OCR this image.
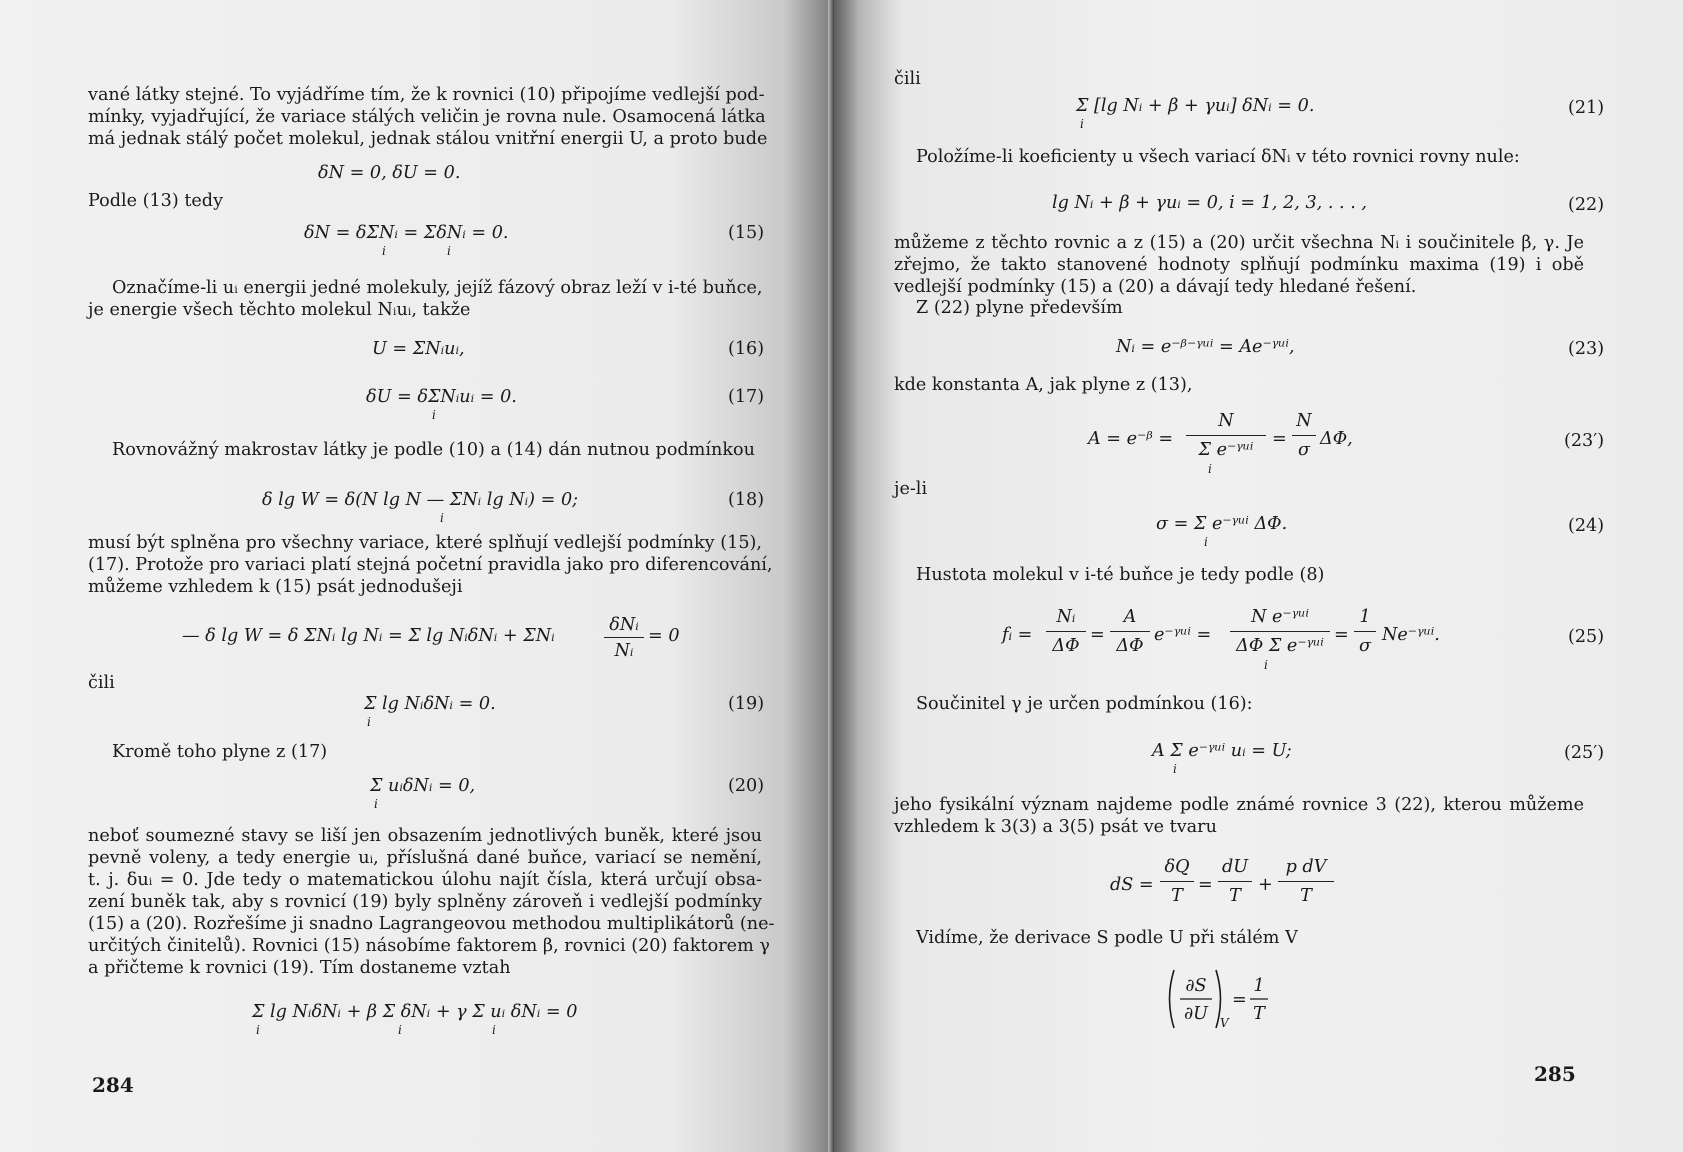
vané látky stejné. To vyjádříme tím, že k rovnici (10) připojíme vedlejší pod-
mínky, vyjadřující, že variace stálých veličin je rovna nule. Osamocená látka
má jednak stálý počet molekul, jednak stálou vnitřní energii U, a proto bude
δN = 0, δU = 0.
Podle (13) tedy
δN = δΣNᵢ = ΣδNᵢ = 0.
i	i
(15)
Označíme-li uᵢ energii jedné molekuly, jejíž fázový obraz leží v i-té buňce,
je energie všech těchto molekul Nᵢuᵢ, takže
U = ΣNᵢuᵢ,	(16)
δU = δΣNᵢuᵢ = 0.
i
(17)
Rovnovážný makrostav látky je podle (10) a (14) dán nutnou podmínkou
δ lg W = δ(N lg N — ΣNᵢ lg Nᵢ) = 0;
i
(18)
musí být splněna pro všechny variace, které splňují vedlejší podmínky (15),
(17). Protože pro variaci platí stejná početní pravidla jako pro diferencování,
můžeme vzhledem k (15) psát jednodušeji
— δ lg W = δ ΣNᵢ lg Nᵢ = Σ lg NᵢδNᵢ + ΣNᵢ
δNᵢ
Nᵢ
= 0
čili
Σ lg NᵢδNᵢ = 0.
i
(19)
Kromě toho plyne z (17)
Σ uᵢδNᵢ = 0,
i
(20)
neboť soumezné stavy se liší jen obsazením jednotlivých buněk, které jsou
pevně voleny, a tedy energie uᵢ, příslušná dané buňce, variací se nemění,
t. j. δuᵢ = 0. Jde tedy o matematickou úlohu najít čísla, která určují obsa-
zení buněk tak, aby s rovnicí (19) byly splněny zároveň i vedlejší podmínky
(15) a (20). Rozřešíme ji snadno Lagrangeovou methodou multiplikátorů (ne-
určitých činitelů). Rovnici (15) násobíme faktorem β, rovnici (20) faktorem γ
a přičteme k rovnici (19). Tím dostaneme vztah
Σ lg NᵢδNᵢ + β Σ δNᵢ + γ Σ uᵢ δNᵢ = 0
i	i	i
284
čili
Σ [lg Nᵢ + β + γuᵢ] δNᵢ = 0.
i
(21)
Položíme-li koeficienty u všech variací δNᵢ v této rovnici rovny nule:
lg Nᵢ + β + γuᵢ = 0, i = 1, 2, 3, . . . ,	(22)
můžeme z těchto rovnic a z (15) a (20) určit všechna Nᵢ i součinitele β, γ. Je
zřejmo, že takto stanovené hodnoty splňují podmínku maxima (19) i obě
vedlejší podmínky (15) a (20) a dávají tedy hledané řešení.
Z (22) plyne především
Nᵢ = e⁻ᵝ⁻ᵞᵘⁱ = Ae⁻ᵞᵘⁱ,	(23)
kde konstanta A, jak plyne z (13),
A = e⁻ᵝ =
N
Σ e⁻ᵞᵘⁱ
i
=
N
σ
ΔΦ,	(23′)
je-li
σ = Σ e⁻ᵞᵘⁱ ΔΦ.
i
(24)
Hustota molekul v i-té buňce je tedy podle (8)
fᵢ =
Nᵢ
ΔΦ
=
A
ΔΦ
e⁻ᵞᵘⁱ =
N e⁻ᵞᵘⁱ
ΔΦ Σ e⁻ᵞᵘⁱ
i
=
1
σ
Ne⁻ᵞᵘⁱ.	(25)
Součinitel γ je určen podmínkou (16):
A Σ e⁻ᵞᵘⁱ uᵢ = U;
i
(25′)
jeho fysikální význam najdeme podle známé rovnice 3 (22), kterou můžeme
vzhledem k 3(3) a 3(5) psát ve tvaru
dS =
δQ
T
=
dU
T
+
p dV
T
Vidíme, že derivace S podle U při stálém V
∂S
∂U	V
=
1
T
285
